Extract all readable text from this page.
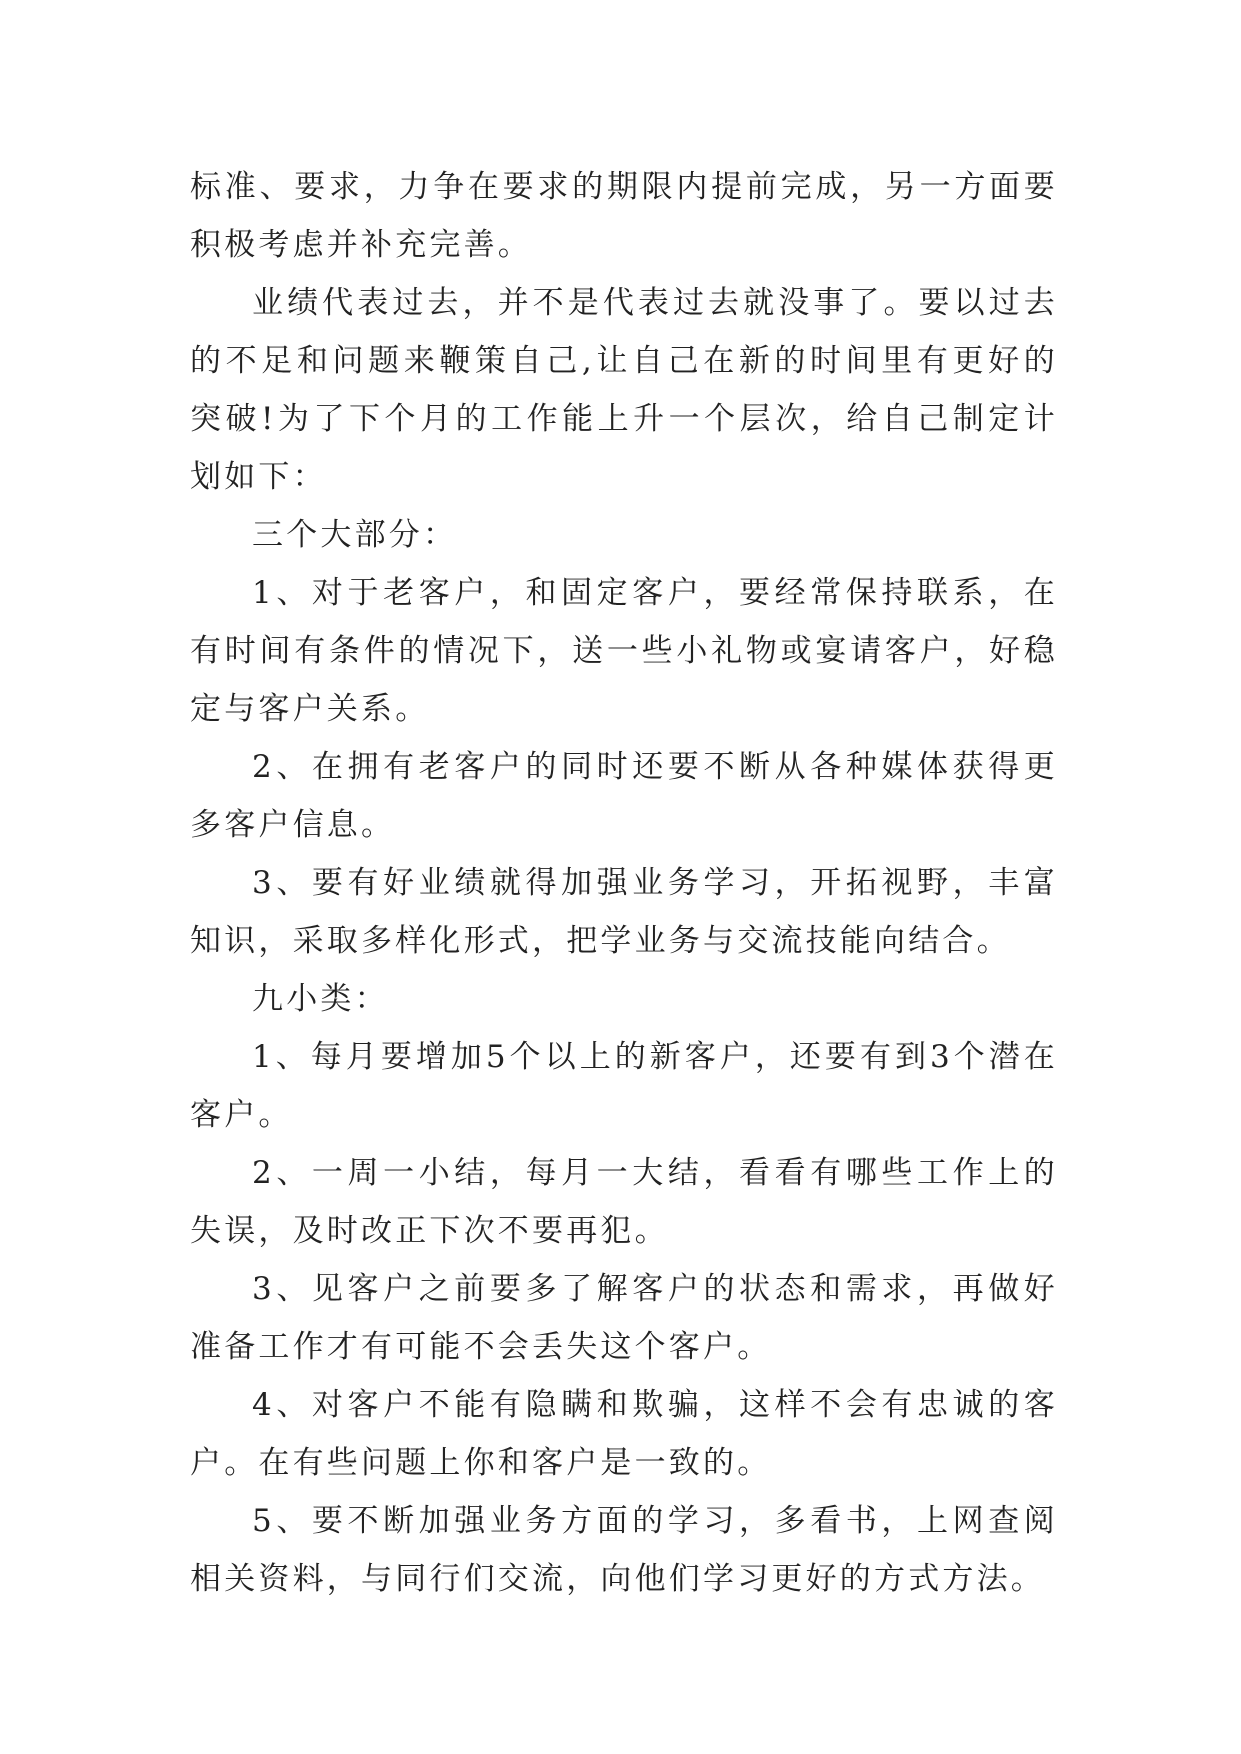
标准、要求，力争在要求的期限内提前完成，另一方面要积极考虑并补充完善。

业绩代表过去，并不是代表过去就没事了。要以过去的不足和问题来鞭策自己,让自己在新的时间里有更好的突破!为了下个月的工作能上升一个层次，给自己制定计划如下：

三个大部分：

1、对于老客户，和固定客户，要经常保持联系，在有时间有条件的情况下，送一些小礼物或宴请客户，好稳定与客户关系。

2、在拥有老客户的同时还要不断从各种媒体获得更多客户信息。

3、要有好业绩就得加强业务学习，开拓视野，丰富知识，采取多样化形式，把学业务与交流技能向结合。

九小类：

1、每月要增加5个以上的新客户，还要有到3个潜在客户。

2、一周一小结，每月一大结，看看有哪些工作上的失误，及时改正下次不要再犯。

3、见客户之前要多了解客户的状态和需求，再做好准备工作才有可能不会丢失这个客户。

4、对客户不能有隐瞒和欺骗，这样不会有忠诚的客户。在有些问题上你和客户是一致的。

5、要不断加强业务方面的学习，多看书，上网查阅相关资料，与同行们交流，向他们学习更好的方式方法。
